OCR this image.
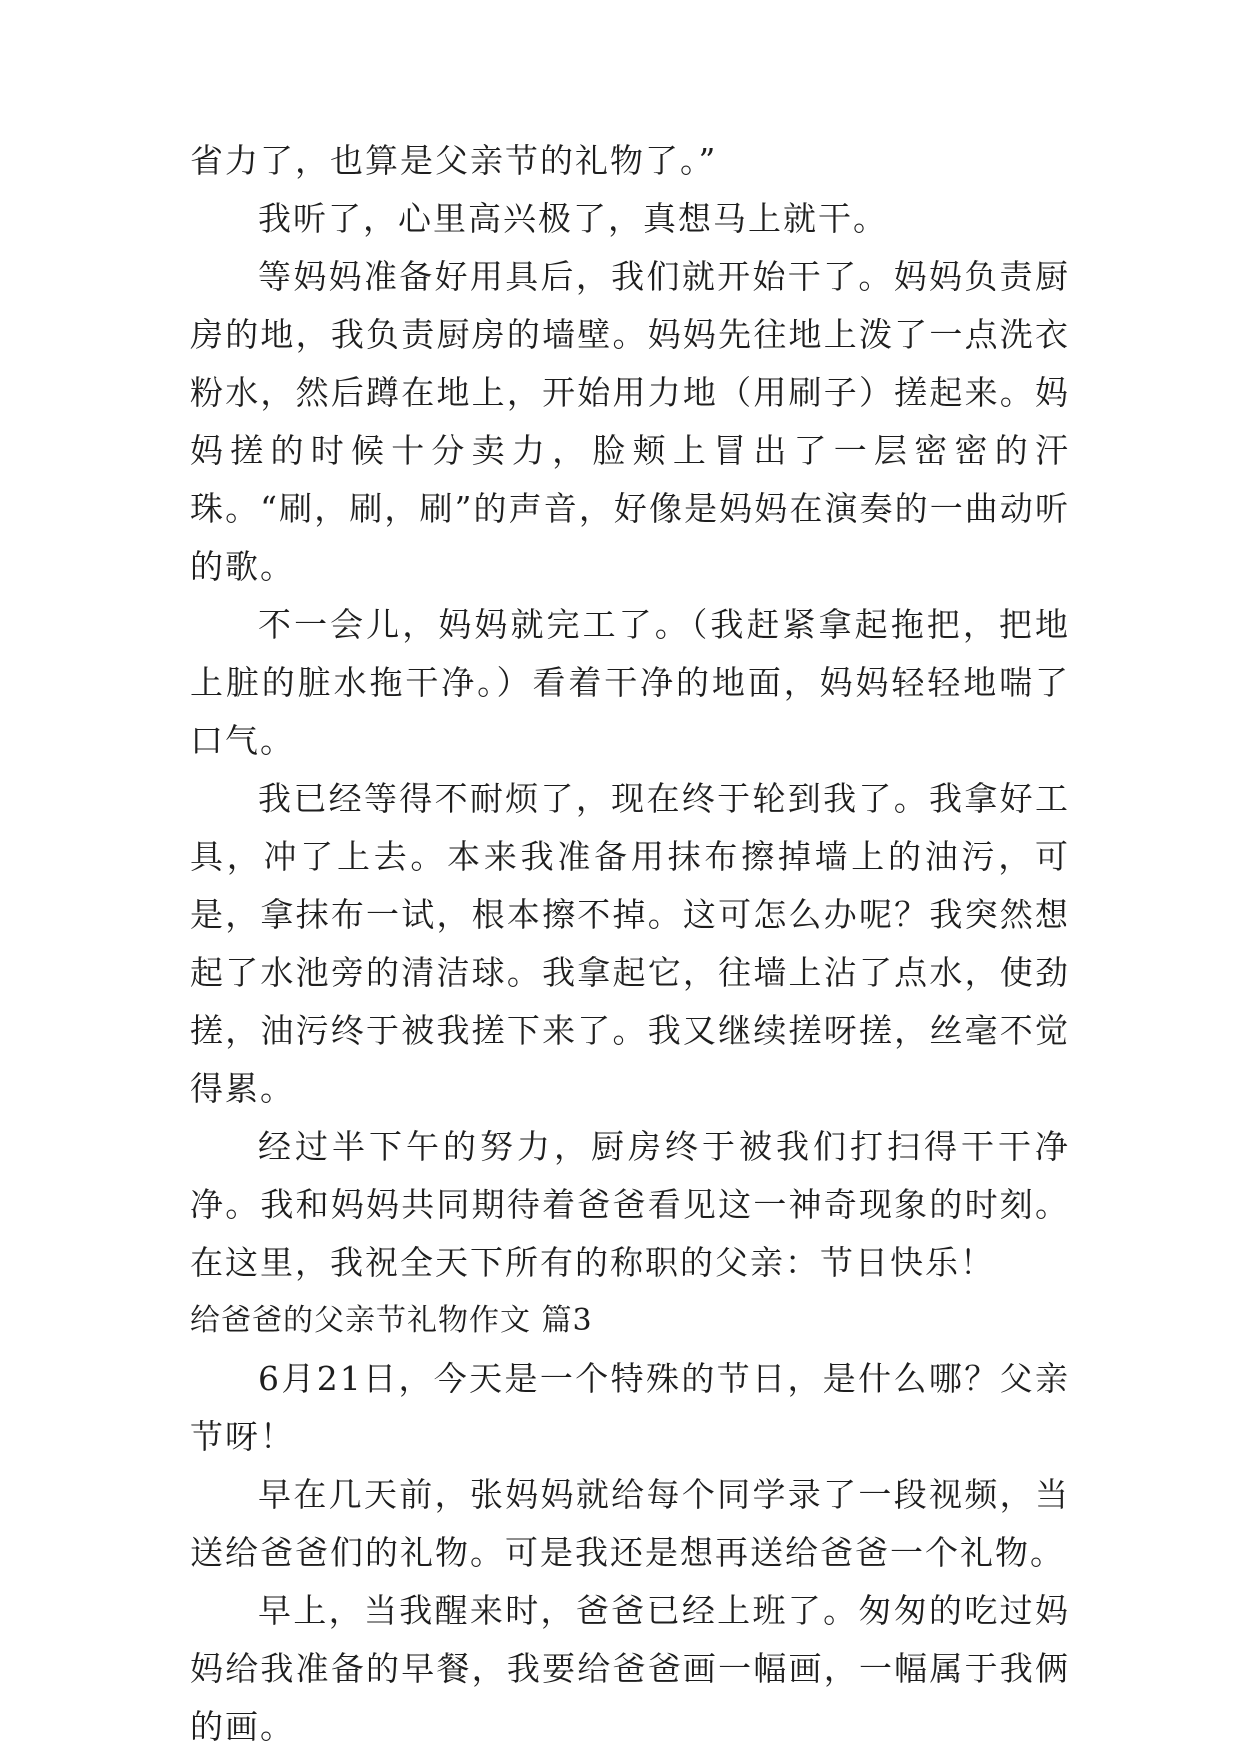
省力了，也算是父亲节的礼物了。”

我听了，心里高兴极了，真想马上就干。

等妈妈准备好用具后，我们就开始干了。妈妈负责厨房的地，我负责厨房的墙壁。妈妈先往地上泼了一点洗衣粉水，然后蹲在地上，开始用力地（用刷子）搓起来。妈妈搓的时候十分卖力，脸颊上冒出了一层密密的汗珠。“刷，刷，刷”的声音，好像是妈妈在演奏的一曲动听的歌。

不一会儿，妈妈就完工了。（我赶紧拿起拖把，把地上脏的脏水拖干净。）看着干净的地面，妈妈轻轻地喘了口气。

我已经等得不耐烦了，现在终于轮到我了。我拿好工具，冲了上去。本来我准备用抹布擦掉墙上的油污，可是，拿抹布一试，根本擦不掉。这可怎么办呢？我突然想起了水池旁的清洁球。我拿起它，往墙上沾了点水，使劲搓，油污终于被我搓下来了。我又继续搓呀搓，丝毫不觉得累。

经过半下午的努力，厨房终于被我们打扫得干干净净。我和妈妈共同期待着爸爸看见这一神奇现象的时刻。在这里，我祝全天下所有的称职的父亲：节日快乐！

给爸爸的父亲节礼物作文 篇3

6月21日，今天是一个特殊的节日，是什么哪？父亲节呀！

早在几天前，张妈妈就给每个同学录了一段视频，当送给爸爸们的礼物。可是我还是想再送给爸爸一个礼物。

早上，当我醒来时，爸爸已经上班了。匆匆的吃过妈妈给我准备的早餐，我要给爸爸画一幅画，一幅属于我俩的画。
